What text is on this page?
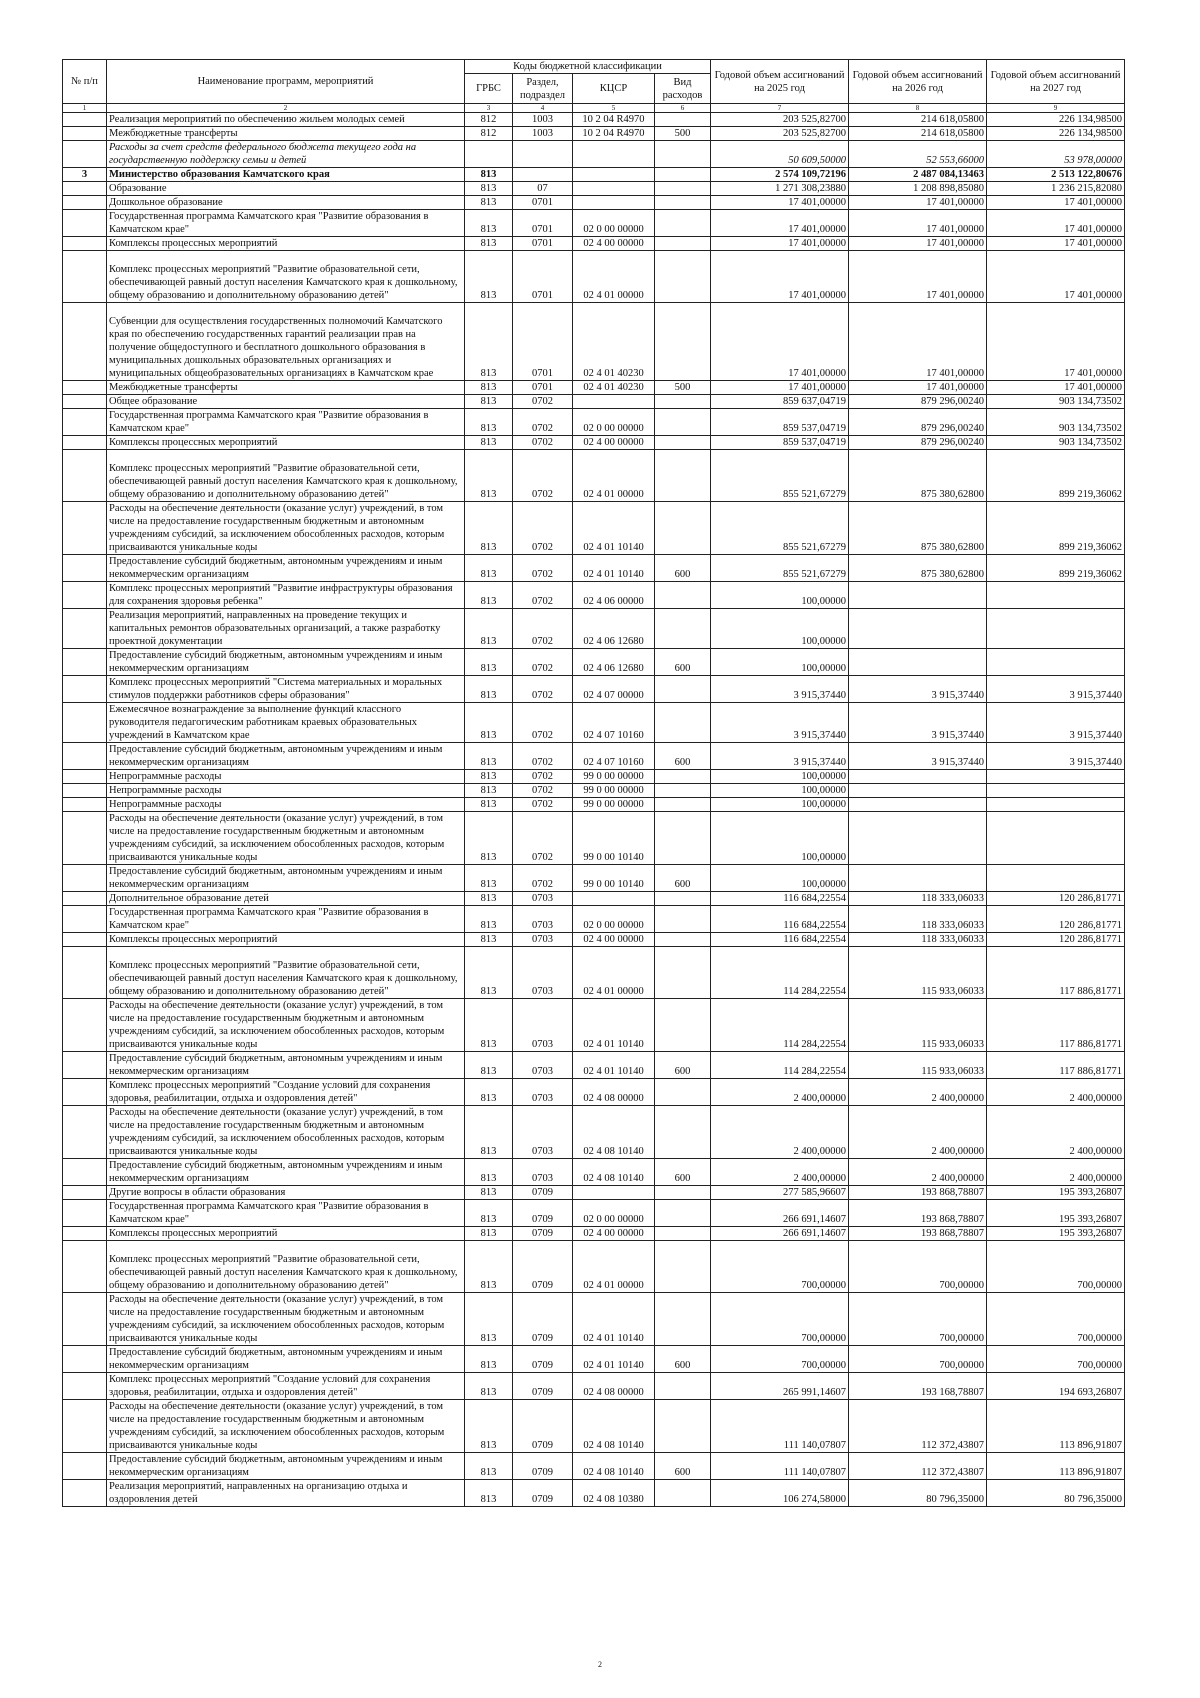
№ п/п	Наименование программ, мероприятий	Коды бюджетной классификации				Годовой объем ассигнований на 2025 год	Годовой объем ассигнований на 2026 год	Годовой объем ассигнований на 2027 год
		ГРБС	Раздел, подраздел	КЦСР	Вид расходов			
1	2	3	4	5	6	7	8	9
	Реализация мероприятий по обеспечению жильем молодых семей	812	1003	10 2 04 R4970		203 525,82700	214 618,05800	226 134,98500
	Межбюджетные трансферты	812	1003	10 2 04 R4970	500	203 525,82700	214 618,05800	226 134,98500
	Расходы за счет средств федерального бюджета текущего года на государственную поддержку семьи и детей					50 609,50000	52 553,66000	53 978,00000
3	Министерство образования Камчатского края	813				2 574 109,72196	2 487 084,13463	2 513 122,80676
	Образование	813	07			1 271 308,23880	1 208 898,85080	1 236 215,82080
	Дошкольное образование	813	0701			17 401,00000	17 401,00000	17 401,00000
	Государственная программа Камчатского края "Развитие образования в Камчатском крае"	813	0701	02 0 00 00000		17 401,00000	17 401,00000	17 401,00000
	Комплексы процессных мероприятий	813	0701	02 4 00 00000		17 401,00000	17 401,00000	17 401,00000
	Комплекс процессных мероприятий "Развитие образовательной сети, обеспечивающей равный доступ населения Камчатского края к дошкольному, общему образованию и дополнительному образованию детей"	813	0701	02 4 01 00000		17 401,00000	17 401,00000	17 401,00000
	Субвенции для осуществления государственных полномочий Камчатского края по обеспечению государственных гарантий реализации прав на получение общедоступного и бесплатного дошкольного образования в муниципальных дошкольных образовательных организациях и муниципальных общеобразовательных организациях в Камчатском крае	813	0701	02 4 01 40230		17 401,00000	17 401,00000	17 401,00000
	Межбюджетные трансферты	813	0701	02 4 01 40230	500	17 401,00000	17 401,00000	17 401,00000
	Общее образование	813	0702			859 637,04719	879 296,00240	903 134,73502
	Государственная программа Камчатского края "Развитие образования в Камчатском крае"	813	0702	02 0 00 00000		859 537,04719	879 296,00240	903 134,73502
	Комплексы процессных мероприятий	813	0702	02 4 00 00000		859 537,04719	879 296,00240	903 134,73502
	Комплекс процессных мероприятий "Развитие образовательной сети, обеспечивающей равный доступ населения Камчатского края к дошкольному, общему образованию и дополнительному образованию детей"	813	0702	02 4 01 00000		855 521,67279	875 380,62800	899 219,36062
	Расходы на обеспечение деятельности (оказание услуг) учреждений, в том числе на предоставление государственным бюджетным и автономным учреждениям субсидий, за исключением обособленных расходов, которым присваиваются уникальные коды	813	0702	02 4 01 10140		855 521,67279	875 380,62800	899 219,36062
	Предоставление субсидий бюджетным, автономным учреждениям и иным некоммерческим организациям	813	0702	02 4 01 10140	600	855 521,67279	875 380,62800	899 219,36062
	Комплекс процессных мероприятий "Развитие инфраструктуры образования для сохранения здоровья ребенка"	813	0702	02 4 06 00000		100,00000		
	Реализация мероприятий, направленных на проведение текущих и капитальных ремонтов образовательных организаций, а также разработку проектной документации	813	0702	02 4 06 12680		100,00000		
	Предоставление субсидий бюджетным, автономным учреждениям и иным некоммерческим организациям	813	0702	02 4 06 12680	600	100,00000		
	Комплекс процессных мероприятий "Система материальных и моральных стимулов поддержки работников сферы образования"	813	0702	02 4 07 00000		3 915,37440	3 915,37440	3 915,37440
	Ежемесячное вознаграждение за выполнение функций классного руководителя педагогическим работникам краевых образовательных учреждений в Камчатском крае	813	0702	02 4 07 10160		3 915,37440	3 915,37440	3 915,37440
	Предоставление субсидий бюджетным, автономным учреждениям и иным некоммерческим организациям	813	0702	02 4 07 10160	600	3 915,37440	3 915,37440	3 915,37440
	Непрограммные расходы	813	0702	99 0 00 00000		100,00000		
	Непрограммные расходы	813	0702	99 0 00 00000		100,00000		
	Непрограммные расходы	813	0702	99 0 00 00000		100,00000		
	Расходы на обеспечение деятельности (оказание услуг) учреждений, в том числе на предоставление государственным бюджетным и автономным учреждениям субсидий, за исключением обособленных расходов, которым присваиваются уникальные коды	813	0702	99 0 00 10140		100,00000		
	Предоставление субсидий бюджетным, автономным учреждениям и иным некоммерческим организациям	813	0702	99 0 00 10140	600	100,00000		
	Дополнительное образование детей	813	0703			116 684,22554	118 333,06033	120 286,81771
	Государственная программа Камчатского края "Развитие образования в Камчатском крае"	813	0703	02 0 00 00000		116 684,22554	118 333,06033	120 286,81771
	Комплексы процессных мероприятий	813	0703	02 4 00 00000		116 684,22554	118 333,06033	120 286,81771
	Комплекс процессных мероприятий "Развитие образовательной сети, обеспечивающей равный доступ населения Камчатского края к дошкольному, общему образованию и дополнительному образованию детей"	813	0703	02 4 01 00000		114 284,22554	115 933,06033	117 886,81771
	Расходы на обеспечение деятельности (оказание услуг) учреждений, в том числе на предоставление государственным бюджетным и автономным учреждениям субсидий, за исключением обособленных расходов, которым присваиваются уникальные коды	813	0703	02 4 01 10140		114 284,22554	115 933,06033	117 886,81771
	Предоставление субсидий бюджетным, автономным учреждениям и иным некоммерческим организациям	813	0703	02 4 01 10140	600	114 284,22554	115 933,06033	117 886,81771
	Комплекс процессных мероприятий "Создание условий для сохранения здоровья, реабилитации, отдыха и оздоровления детей"	813	0703	02 4 08 00000		2 400,00000	2 400,00000	2 400,00000
	Расходы на обеспечение деятельности (оказание услуг) учреждений, в том числе на предоставление государственным бюджетным и автономным учреждениям субсидий, за исключением обособленных расходов, которым присваиваются уникальные коды	813	0703	02 4 08 10140		2 400,00000	2 400,00000	2 400,00000
	Предоставление субсидий бюджетным, автономным учреждениям и иным некоммерческим организациям	813	0703	02 4 08 10140	600	2 400,00000	2 400,00000	2 400,00000
	Другие вопросы в области образования	813	0709			277 585,96607	193 868,78807	195 393,26807
	Государственная программа Камчатского края "Развитие образования в Камчатском крае"	813	0709	02 0 00 00000		266 691,14607	193 868,78807	195 393,26807
	Комплексы процессных мероприятий	813	0709	02 4 00 00000		266 691,14607	193 868,78807	195 393,26807
	Комплекс процессных мероприятий "Развитие образовательной сети, обеспечивающей равный доступ населения Камчатского края к дошкольному, общему образованию и дополнительному образованию детей"	813	0709	02 4 01 00000		700,00000	700,00000	700,00000
	Расходы на обеспечение деятельности (оказание услуг) учреждений, в том числе на предоставление государственным бюджетным и автономным учреждениям субсидий, за исключением обособленных расходов, которым присваиваются уникальные коды	813	0709	02 4 01 10140		700,00000	700,00000	700,00000
	Предоставление субсидий бюджетным, автономным учреждениям и иным некоммерческим организациям	813	0709	02 4 01 10140	600	700,00000	700,00000	700,00000
	Комплекс процессных мероприятий "Создание условий для сохранения здоровья, реабилитации, отдыха и оздоровления детей"	813	0709	02 4 08 00000		265 991,14607	193 168,78807	194 693,26807
	Расходы на обеспечение деятельности (оказание услуг) учреждений, в том числе на предоставление государственным бюджетным и автономным учреждениям субсидий, за исключением обособленных расходов, которым присваиваются уникальные коды	813	0709	02 4 08 10140		111 140,07807	112 372,43807	113 896,91807
	Предоставление субсидий бюджетным, автономным учреждениям и иным некоммерческим организациям	813	0709	02 4 08 10140	600	111 140,07807	112 372,43807	113 896,91807
	Реализация мероприятий, направленных на организацию отдыха и оздоровления детей	813	0709	02 4 08 10380		106 274,58000	80 796,35000	80 796,35000
2
